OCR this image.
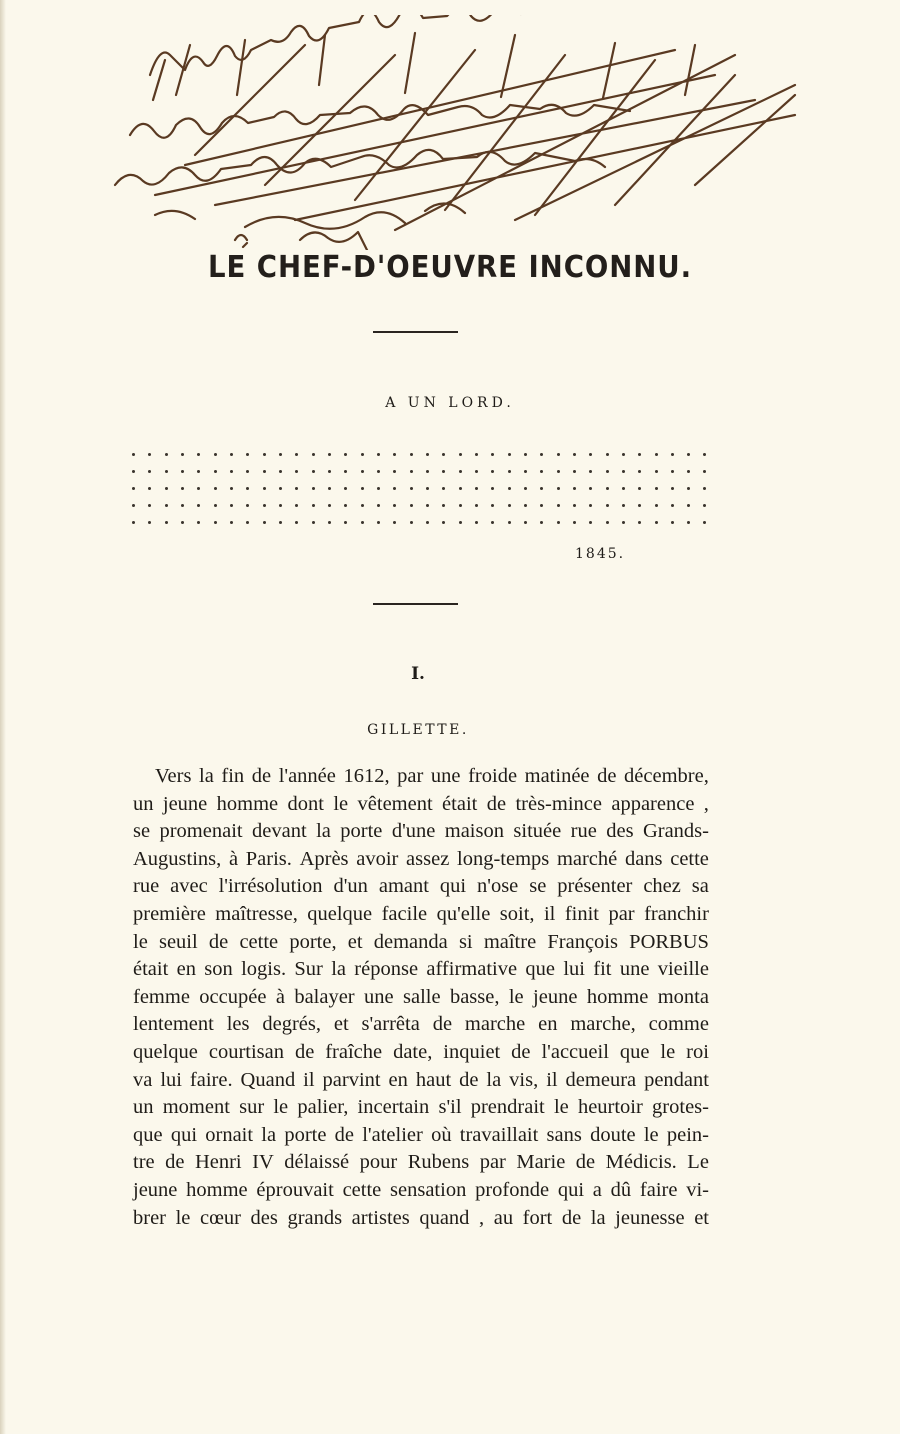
LE CHEF-D'OEUVRE INCONNU.
A UN LORD.
1845.
I.
GILLETTE.
Vers la fin de l'année 1612, par une froide matinée de décembre,
un jeune homme dont le vêtement était de très-mince apparence ,
se promenait devant la porte d'une maison située rue des Grands-
Augustins, à Paris. Après avoir assez long-temps marché dans cette
rue avec l'irrésolution d'un amant qui n'ose se présenter chez sa
première maîtresse, quelque facile qu'elle soit, il finit par franchir
le seuil de cette porte, et demanda si maître François PORBUS
était en son logis. Sur la réponse affirmative que lui fit une vieille
femme occupée à balayer une salle basse, le jeune homme monta
lentement les degrés, et s'arrêta de marche en marche, comme
quelque courtisan de fraîche date, inquiet de l'accueil que le roi
va lui faire. Quand il parvint en haut de la vis, il demeura pendant
un moment sur le palier, incertain s'il prendrait le heurtoir grotes-
que qui ornait la porte de l'atelier où travaillait sans doute le pein-
tre de Henri IV délaissé pour Rubens par Marie de Médicis. Le
jeune homme éprouvait cette sensation profonde qui a dû faire vi-
brer le cœur des grands artistes quand , au fort de la jeunesse et
